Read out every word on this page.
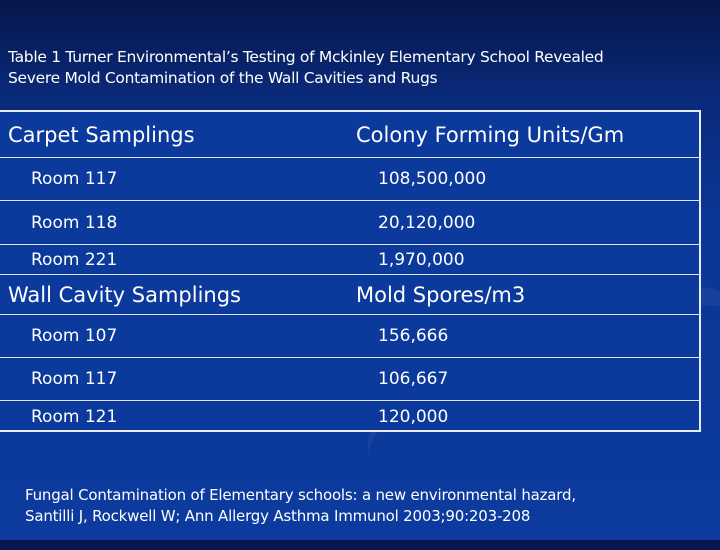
Table 1 Turner Environmental’s Testing of Mckinley Elementary School Revealed
Severe Mold Contamination of the Wall Cavities and Rugs
Carpet Samplings	Colony Forming Units/Gm
Room 117	108,500,000
Room 118	20,120,000
Room 221	1,970,000
Wall Cavity Samplings	Mold Spores/m3
Room 107	156,666
Room 117	106,667
Room 121	120,000
Fungal Contamination of Elementary schools: a new environmental hazard,
Santilli J, Rockwell W; Ann Allergy Asthma Immunol 2003;90:203-208
